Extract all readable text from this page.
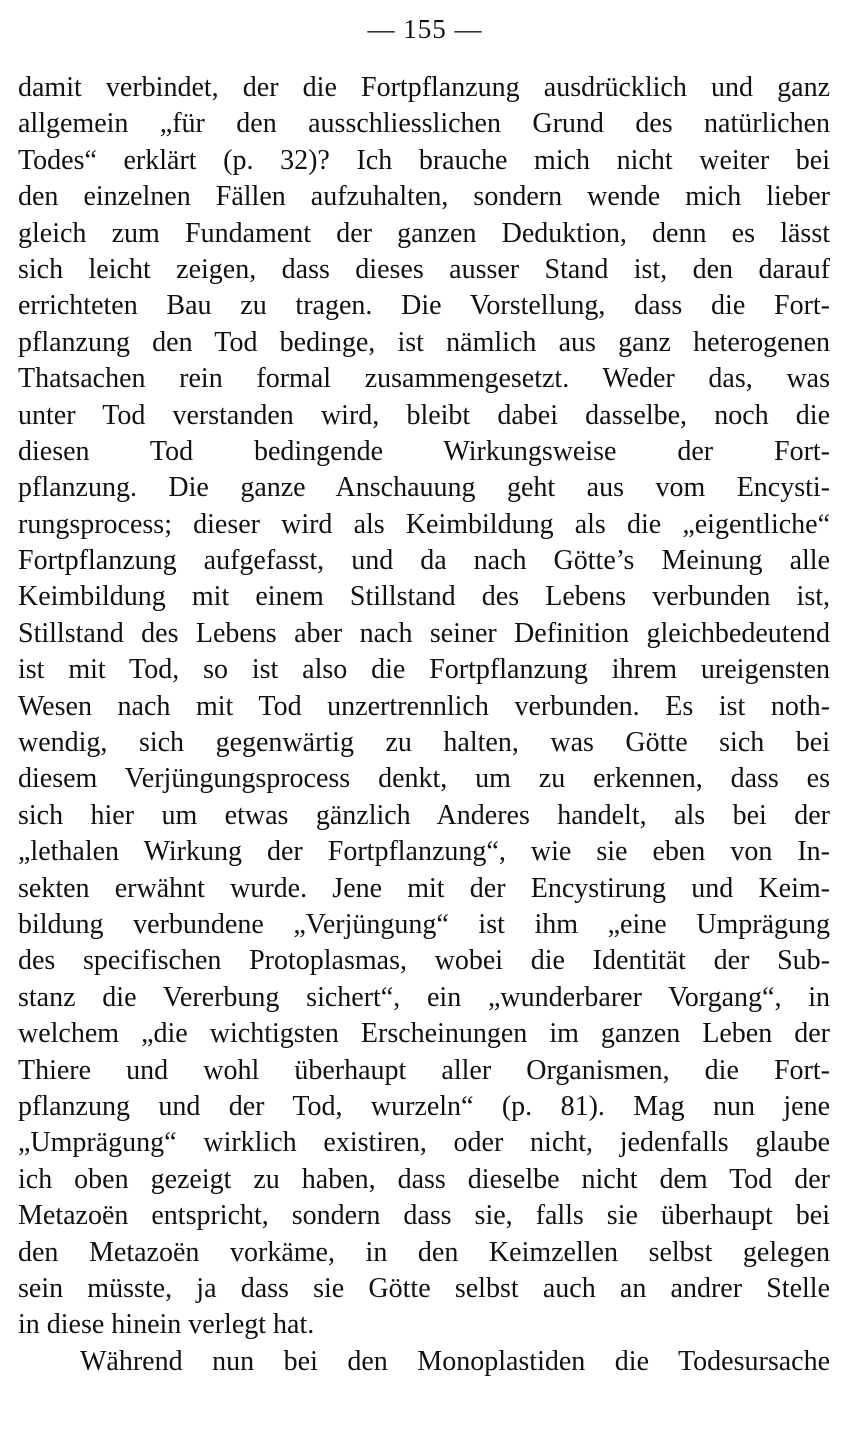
— 155 —
damit verbindet, der die Fortpflanzung ausdrücklich und ganz
allgemein „für den ausschliesslichen Grund des natürlichen
Todes“ erklärt (p. 32)? Ich brauche mich nicht weiter bei
den einzelnen Fällen aufzuhalten, sondern wende mich lieber
gleich zum Fundament der ganzen Deduktion, denn es lässt
sich leicht zeigen, dass dieses ausser Stand ist, den darauf
errichteten Bau zu tragen. Die Vorstellung, dass die Fort-
pflanzung den Tod bedinge, ist nämlich aus ganz heterogenen
Thatsachen rein formal zusammengesetzt. Weder das, was
unter Tod verstanden wird, bleibt dabei dasselbe, noch die
diesen Tod bedingende Wirkungsweise der Fort-
pflanzung. Die ganze Anschauung geht aus vom Encysti-
rungsprocess; dieser wird als Keimbildung als die „eigentliche“
Fortpflanzung aufgefasst, und da nach Götte’s Meinung alle
Keimbildung mit einem Stillstand des Lebens verbunden ist,
Stillstand des Lebens aber nach seiner Definition gleichbedeutend
ist mit Tod, so ist also die Fortpflanzung ihrem ureigensten
Wesen nach mit Tod unzertrennlich verbunden. Es ist noth-
wendig, sich gegenwärtig zu halten, was Götte sich bei
diesem Verjüngungsprocess denkt, um zu erkennen, dass es
sich hier um etwas gänzlich Anderes handelt, als bei der
„lethalen Wirkung der Fortpflanzung“, wie sie eben von In-
sekten erwähnt wurde. Jene mit der Encystirung und Keim-
bildung verbundene „Verjüngung“ ist ihm „eine Umprägung
des specifischen Protoplasmas, wobei die Identität der Sub-
stanz die Vererbung sichert“, ein „wunderbarer Vorgang“, in
welchem „die wichtigsten Erscheinungen im ganzen Leben der
Thiere und wohl überhaupt aller Organismen, die Fort-
pflanzung und der Tod, wurzeln“ (p. 81). Mag nun jene
„Umprägung“ wirklich existiren, oder nicht, jedenfalls glaube
ich oben gezeigt zu haben, dass dieselbe nicht dem Tod der
Metazoën entspricht, sondern dass sie, falls sie überhaupt bei
den Metazoën vorkäme, in den Keimzellen selbst gelegen
sein müsste, ja dass sie Götte selbst auch an andrer Stelle
in diese hinein verlegt hat.
Während nun bei den Monoplastiden die Todesursache
